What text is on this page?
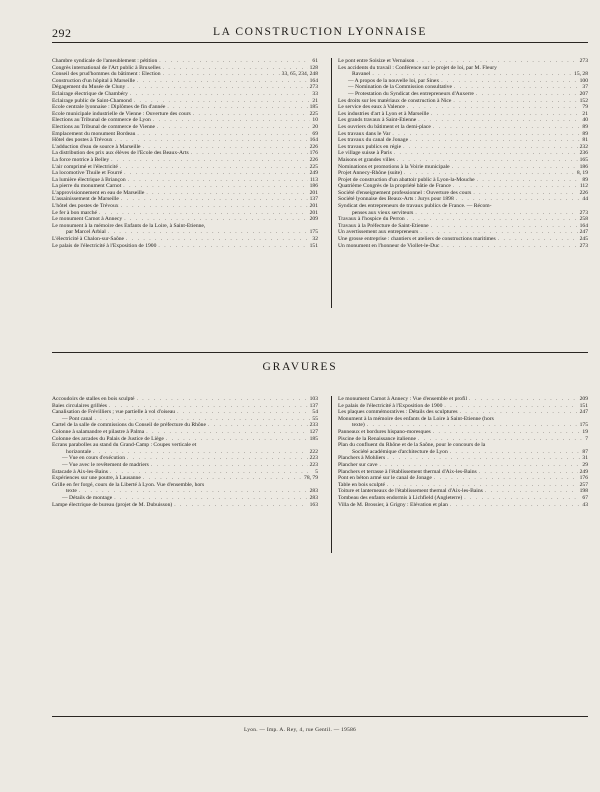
292	LA CONSTRUCTION LYONNAISE
Chambre syndicale de l'ameublement : pétition . . .	61
Congrès international de l'Art public à Bruxelles . . .	128
Conseil des prud'hommes du bâtiment : Election . . .	33, 65, 234, 248
Construction d'un hôpital à Marseille . . .	164
Dégagement du Musée de Cluny . . .	273
Eclairage électrique de Chambéry . . .	33
Eclairage public de Saint-Chamond . . .	21
Ecole centrale lyonnaise : Diplômes de fin d'année . . .	185
Ecole municipale industrielle de Vienne : Ouverture des cours . . .	225
Elections au Tribunal de commerce de Lyon . . .	10
Elections au Tribunal de commerce de Vienne . . .	20
Emplacement du monument Bordeau . . .	69
Hôtel des postes à Trévoux . . .	164
L'adduction d'eau de source à Marseille . . .	226
La distribution des prix aux élèves de l'Ecole des Beaux-Arts . . .	176
La force motrice à Belley . . .	226
L'air comprimé et l'électricité . . .	225
La locomotive Thuile et Fourré . . .	249
La lumière électrique à Briançon . . .	113
La pierre du monument Carnot . . .	186
L'approvisionnement en eau de Marseille . . .	201
L'assainissement de Marseille . . .	137
L'hôtel des postes de Trévoux . . .	201
Le fer à bon marché . . .	201
Le monument Carnot à Annecy . . .	209
Le monument à la mémoire des Enfants de la Loire, à Saint-Etienne,
par Marcel Arbial . . .	175
L'électricité à Chalon-sur-Saône . . .	32
Le palais de l'électricité à l'Exposition de 1900 . . .	151
Le pont entre Soisize et Vernaison . . .	273
Les accidents du travail : Conférence sur le projet de loi, par M. Fleury
Ravanel . . .	15, 28
— A propos de la nouvelle loi, par Sinex . . .	100
— Nomination de la Commission consultative . . .	37
— Protestation du Syndicat des entrepreneurs d'Auxerre . . .	207
Les droits sur les matériaux de construction à Nice . . .	152
Le service des eaux à Valence . . .	79
Les industries d'art à Lyon et à Marseille . . .	21
Les grands travaux à Saint-Etienne . . .	40
Les ouvriers du bâtiment et la demi-place . . .	89
Les travaux dans le Var . . .	89
Les travaux du canal de Jonage . . .	81
Les travaux publics en régie . . .	232
Le village suisse à Paris . . .	236
Maisons et grandes villes . . .	165
Nominations et promotions à la Voirie municipale . . .	186
Projet Annecy-Rhône (suite) . . .	8, 19
Projet de construction d'un abattoir public à Lyon-la-Mouche . . .	89
Quatrième Congrès de la propriété bâtie de France . . .	112
Société d'enseignement professionnel : Ouverture des cours . . .	226
Société lyonnaise des Beaux-Arts : Jurys pour 1898 . . .	44
Syndicat des entrepreneurs de travaux publics de France. — Récom-
penses aux vieux serviteurs . . .	273
Travaux à l'hospice du Perron . . .	258
Travaux à la Préfecture de Saint-Etienne . . .	164
Un avertissement aux entrepreneurs . . .	247
Une grosse entreprise : chantiers et ateliers de constructions maritimes . . .	245
Un monument en l'honneur de Viollet-le-Duc . . .	273
GRAVURES
Accoudoirs de stalles en bois sculpté . . .	103
Baies circulaires grillées . . .	137
Canalisation de Frévilliers ; vue partielle à vol d'oiseau . . .	54
— Pont canal . . .	55
Cartel de la salle de commissions du Conseil de préfecture du Rhône . . .	233
Colonne à salamandre et pilastre à Palma . . .	127
Colonne des arcades du Palais de Justice de Liège . . .	185
Ecrans parabolles au stand du Grand-Camp : Coupes verticale et
horizontale . . .	222
— Vue en cours d'exécution . . .	223
— Vue avec le revêtement de madriers . . .	223
Estacade à Aix-les-Bains . . .	5
Expériences sur une poutre, à Lausanne . . .	78, 79
Grille en fer forgé, cours de la Liberté à Lyon. Vue d'ensemble, hors
texte . . .	283
— Détails de montage . . .	283
Lampe électrique de bureau (projet de M. Dubuisson) . . .	163
Le monument Carnot à Annecy : Vue d'ensemble et profil . . .	209
Le palais de l'électricité à l'Exposition de 1900 . . .	151
Les plaques commémoratives : Détails des sculptures . . .	247
Monument à la mémoire des enfants de la Loire à Saint-Etienne (hors
texte) . . .	175
Panneaux et bordures hispano-moresques . . .	19
Piscine de la Renaissance italienne . . .	7
Plan du confluent du Rhône et de la Saône, pour le concours de la
Société académique d'architecture de Lyon . . .	87
Planchers à Mohliers . . .	31
Plancher sur cave . . .	29
Planchers et terrasse à l'établissement thermal d'Aix-les-Bains . . .	249
Pont en béton armé sur le canal de Jonage . . .	176
Table en bois sculpté . . .	257
Toiture et lanterneaux de l'établissement thermal d'Aix-les-Bains . . .	198
Tombeau des enfants endormis à Lichfield (Angleterre) . . .	67
Villa de M. Brossier, à Grigny : Elévation et plan . . .	43
Lyon. — Imp. A. Rey, 4, rue Gentil. — 19586
